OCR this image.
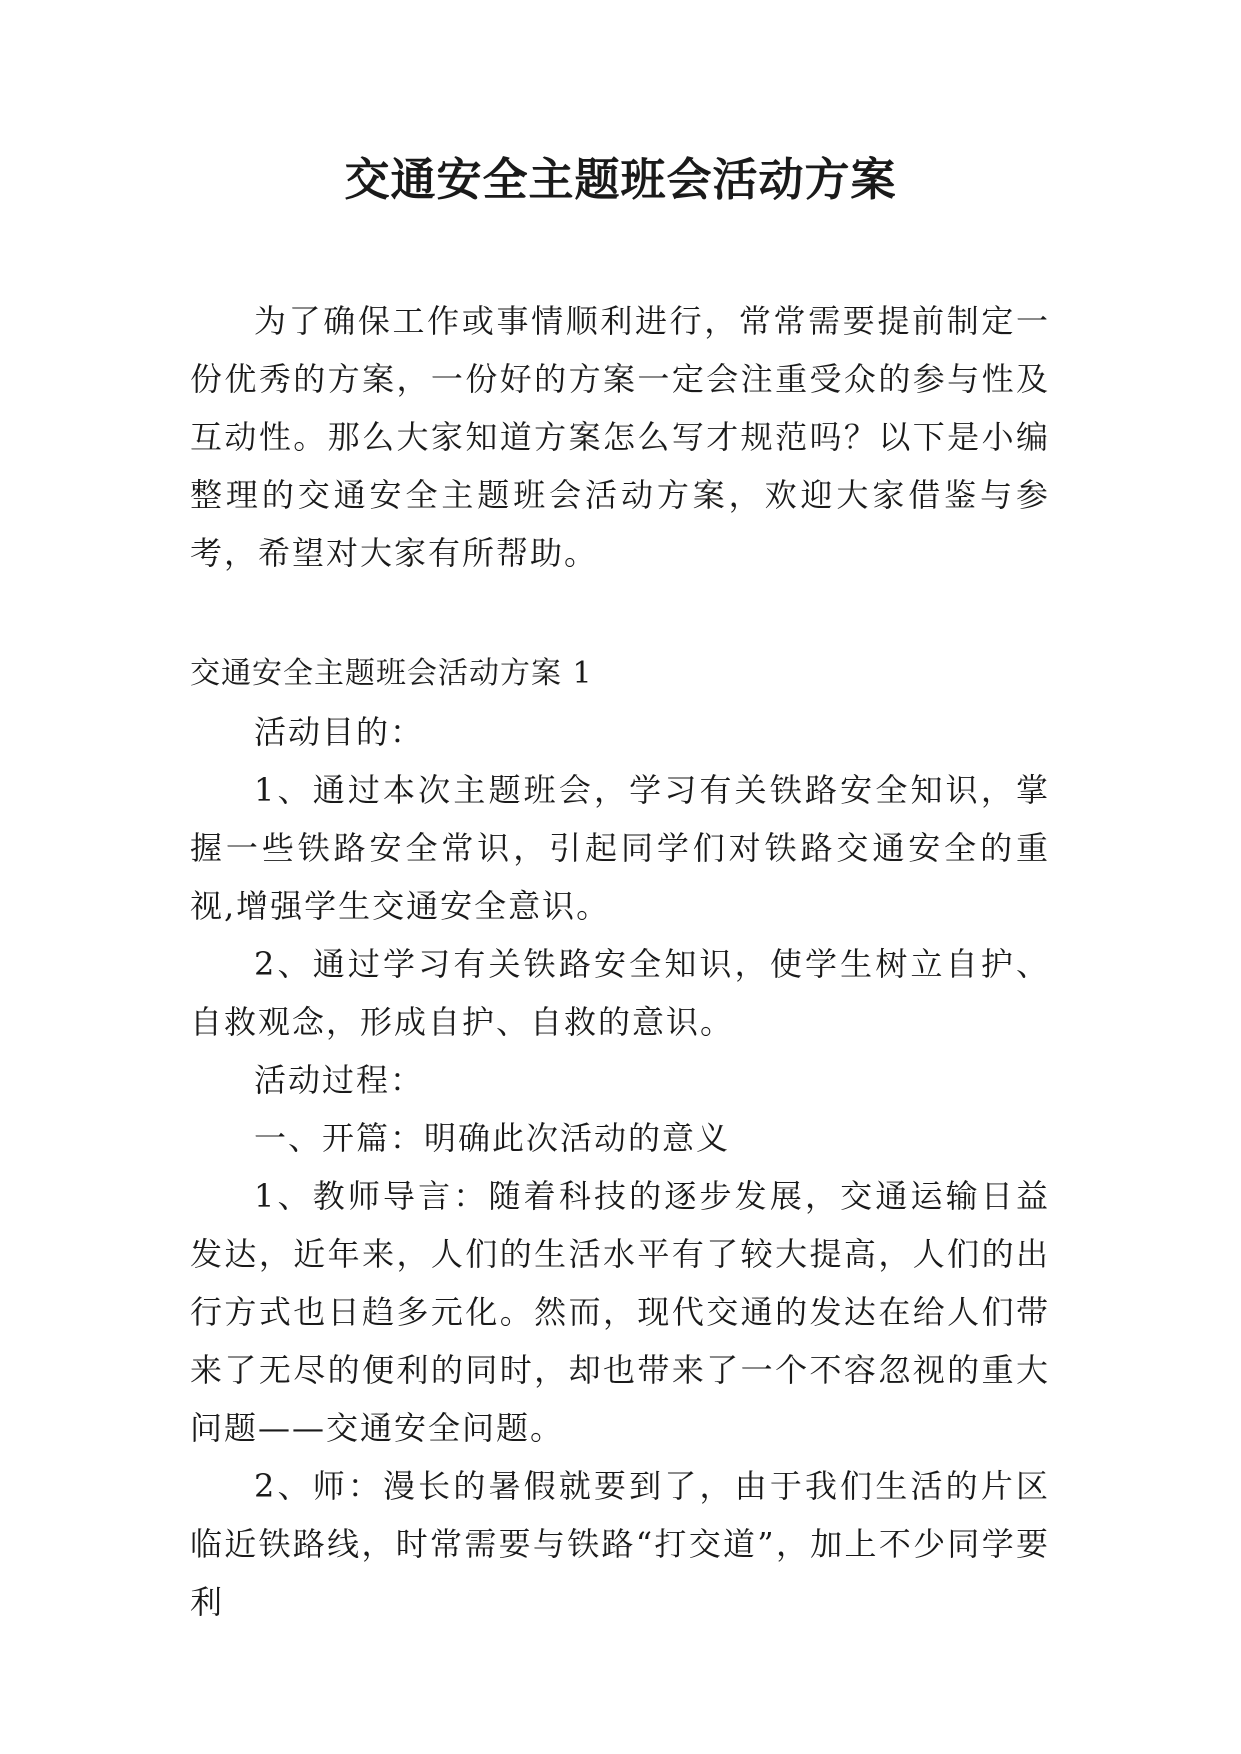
交通安全主题班会活动方案

为了确保工作或事情顺利进行，常常需要提前制定一份优秀的方案，一份好的方案一定会注重受众的参与性及互动性。那么大家知道方案怎么写才规范吗？以下是小编整理的交通安全主题班会活动方案，欢迎大家借鉴与参考，希望对大家有所帮助。

交通安全主题班会活动方案 1

活动目的：

1、通过本次主题班会，学习有关铁路安全知识，掌握一些铁路安全常识，引起同学们对铁路交通安全的重视,增强学生交通安全意识。

2、通过学习有关铁路安全知识，使学生树立自护、自救观念，形成自护、自救的意识。

活动过程：

一、开篇：明确此次活动的意义

1、教师导言：随着科技的逐步发展，交通运输日益发达，近年来，人们的生活水平有了较大提高，人们的出行方式也日趋多元化。然而，现代交通的发达在给人们带来了无尽的便利的同时，却也带来了一个不容忽视的重大问题——交通安全问题。

2、师：漫长的暑假就要到了，由于我们生活的片区临近铁路线，时常需要与铁路“打交道”，加上不少同学要利
